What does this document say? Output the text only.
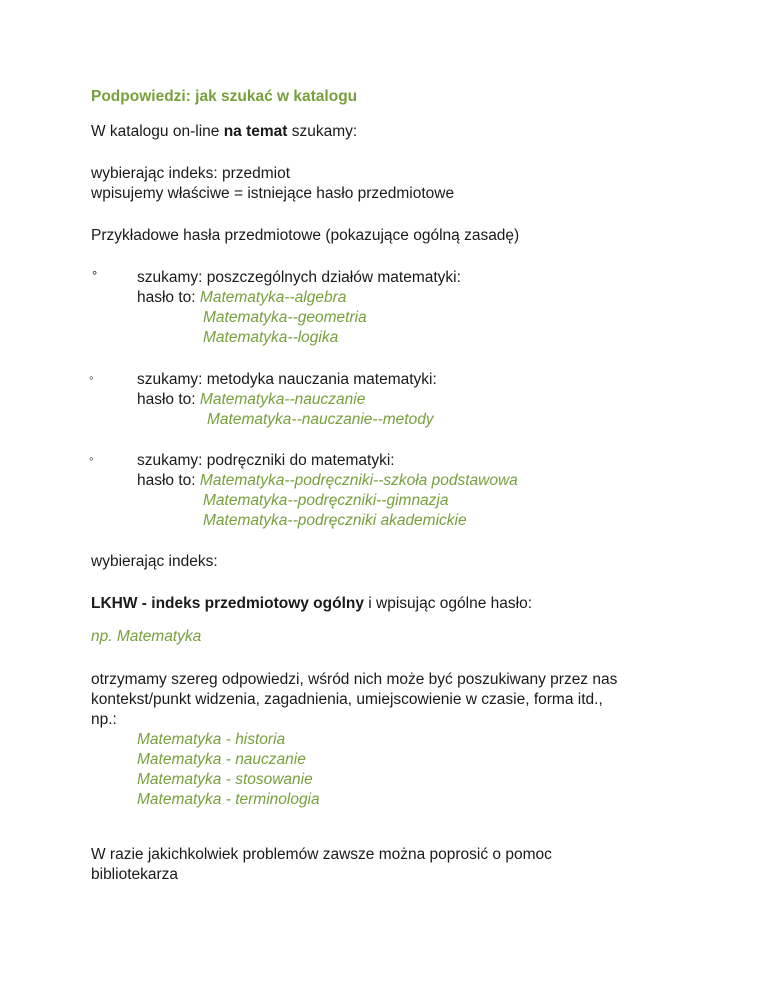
Podpowiedzi: jak szukać w katalogu
W katalogu on-line na temat szukamy:
wybierając indeks: przedmiot
wpisujemy właściwe = istniejące hasło przedmiotowe
Przykładowe hasła przedmiotowe (pokazujące ogólną zasadę)
°	szukamy: poszczególnych działów matematyki:
hasło to: Matematyka--algebra
Matematyka--geometria
Matematyka--logika
◦	szukamy: metodyka nauczania matematyki:
hasło to: Matematyka--nauczanie
Matematyka--nauczanie--metody
◦	szukamy: podręczniki do matematyki:
hasło to: Matematyka--podręczniki--szkoła podstawowa
Matematyka--podręczniki--gimnazja
Matematyka--podręczniki akademickie
wybierając indeks:
LKHW - indeks przedmiotowy ogólny i wpisując ogólne hasło:
np. Matematyka
otrzymamy szereg odpowiedzi, wśród nich może być poszukiwany przez nas
kontekst/punkt widzenia, zagadnienia, umiejscowienie w czasie, forma itd.,
np.:
Matematyka - historia
Matematyka - nauczanie
Matematyka - stosowanie
Matematyka - terminologia
W razie jakichkolwiek problemów zawsze można poprosić o pomoc
bibliotekarza
